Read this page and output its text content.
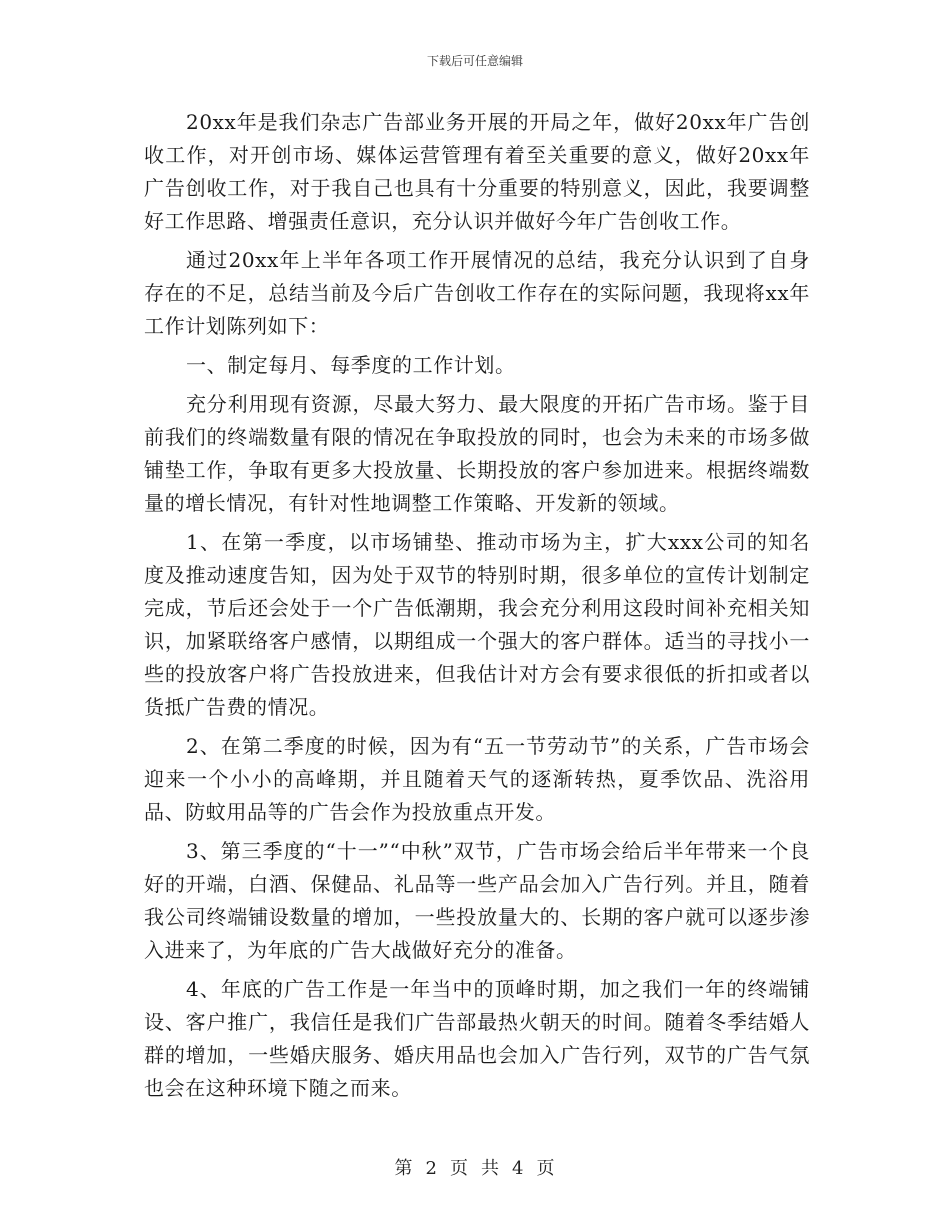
下载后可任意编辑

20xx年是我们杂志广告部业务开展的开局之年，做好20xx年广告创收工作，对开创市场、媒体运营管理有着至关重要的意义，做好20xx年广告创收工作，对于我自己也具有十分重要的特别意义，因此，我要调整好工作思路、增强责任意识，充分认识并做好今年广告创收工作。

通过20xx年上半年各项工作开展情况的总结，我充分认识到了自身存在的不足，总结当前及今后广告创收工作存在的实际问题，我现将xx年工作计划陈列如下：

一、制定每月、每季度的工作计划。

充分利用现有资源，尽最大努力、最大限度的开拓广告市场。鉴于目前我们的终端数量有限的情况在争取投放的同时，也会为未来的市场多做铺垫工作，争取有更多大投放量、长期投放的客户参加进来。根据终端数量的增长情况，有针对性地调整工作策略、开发新的领域。

1、在第一季度，以市场铺垫、推动市场为主，扩大xxx公司的知名度及推动速度告知，因为处于双节的特别时期，很多单位的宣传计划制定完成，节后还会处于一个广告低潮期，我会充分利用这段时间补充相关知识，加紧联络客户感情，以期组成一个强大的客户群体。适当的寻找小一些的投放客户将广告投放进来，但我估计对方会有要求很低的折扣或者以货抵广告费的情况。

2、在第二季度的时候，因为有“五一节劳动节”的关系，广告市场会迎来一个小小的高峰期，并且随着天气的逐渐转热，夏季饮品、洗浴用品、防蚊用品等的广告会作为投放重点开发。

3、第三季度的“十一”“中秋”双节，广告市场会给后半年带来一个良好的开端，白酒、保健品、礼品等一些产品会加入广告行列。并且，随着我公司终端铺设数量的增加，一些投放量大的、长期的客户就可以逐步渗入进来了，为年底的广告大战做好充分的准备。

4、年底的广告工作是一年当中的顶峰时期，加之我们一年的终端铺设、客户推广，我信任是我们广告部最热火朝天的时间。随着冬季结婚人群的增加，一些婚庆服务、婚庆用品也会加入广告行列，双节的广告气氛也会在这种环境下随之而来。

第 2 页 共 4 页
